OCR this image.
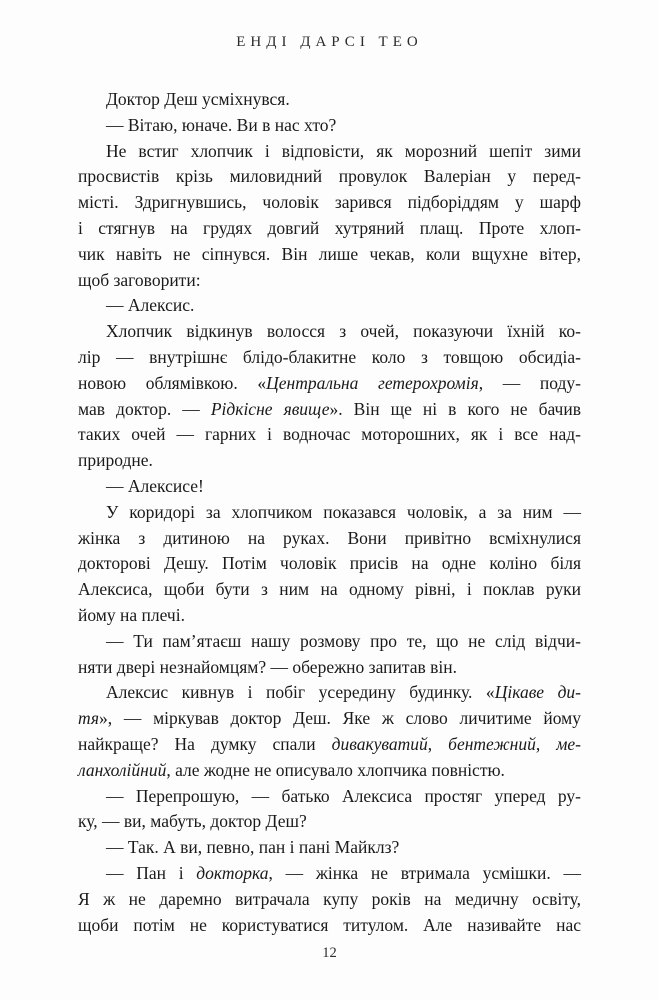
ЕНДІ ДАРСІ ТЕО
Доктор Деш усміхнувся.
— Вітаю, юначе. Ви в нас хто?
Не встиг хлопчик і відповісти, як морозний шепіт зими
просвистів крізь миловидний провулок Валеріан у перед-
місті. Здригнувшись, чоловік зарився підборіддям у шарф
і стягнув на грудях довгий хутряний плащ. Проте хлоп-
чик навіть не сіпнувся. Він лише чекав, коли вщухне вітер,
щоб заговорити:
— Алексис.
Хлопчик відкинув волосся з очей, показуючи їхній ко-
лір — внутрішнє блідо-блакитне коло з товщою обсидіа-
новою облямівкою. «Центральна гетерохромія, — поду-
мав доктор. — Рідкісне явище». Він ще ні в кого не бачив
таких очей — гарних і водночас моторошних, як і все над-
природне.
— Алексисе!
У коридорі за хлопчиком показався чоловік, а за ним —
жінка з дитиною на руках. Вони привітно всміхнулися
докторові Дешу. Потім чоловік присів на одне коліно біля
Алексиса, щоби бути з ним на одному рівні, і поклав руки
йому на плечі.
— Ти пам’ятаєш нашу розмову про те, що не слід відчи-
няти двері незнайомцям? — обережно запитав він.
Алексис кивнув і побіг усередину будинку. «Цікаве ди-
тя», — міркував доктор Деш. Яке ж слово личитиме йому
найкраще? На думку спали дивакуватий, бентежний, ме-
ланхолійний, але жодне не описувало хлопчика повністю.
— Перепрошую, — батько Алексиса простяг уперед ру-
ку, — ви, мабуть, доктор Деш?
— Так. А ви, певно, пан і пані Майклз?
— Пан і докторка, — жінка не втримала усмішки. —
Я ж не даремно витрачала купу років на медичну освіту,
щоби потім не користуватися титулом. Але називайте нас
12
